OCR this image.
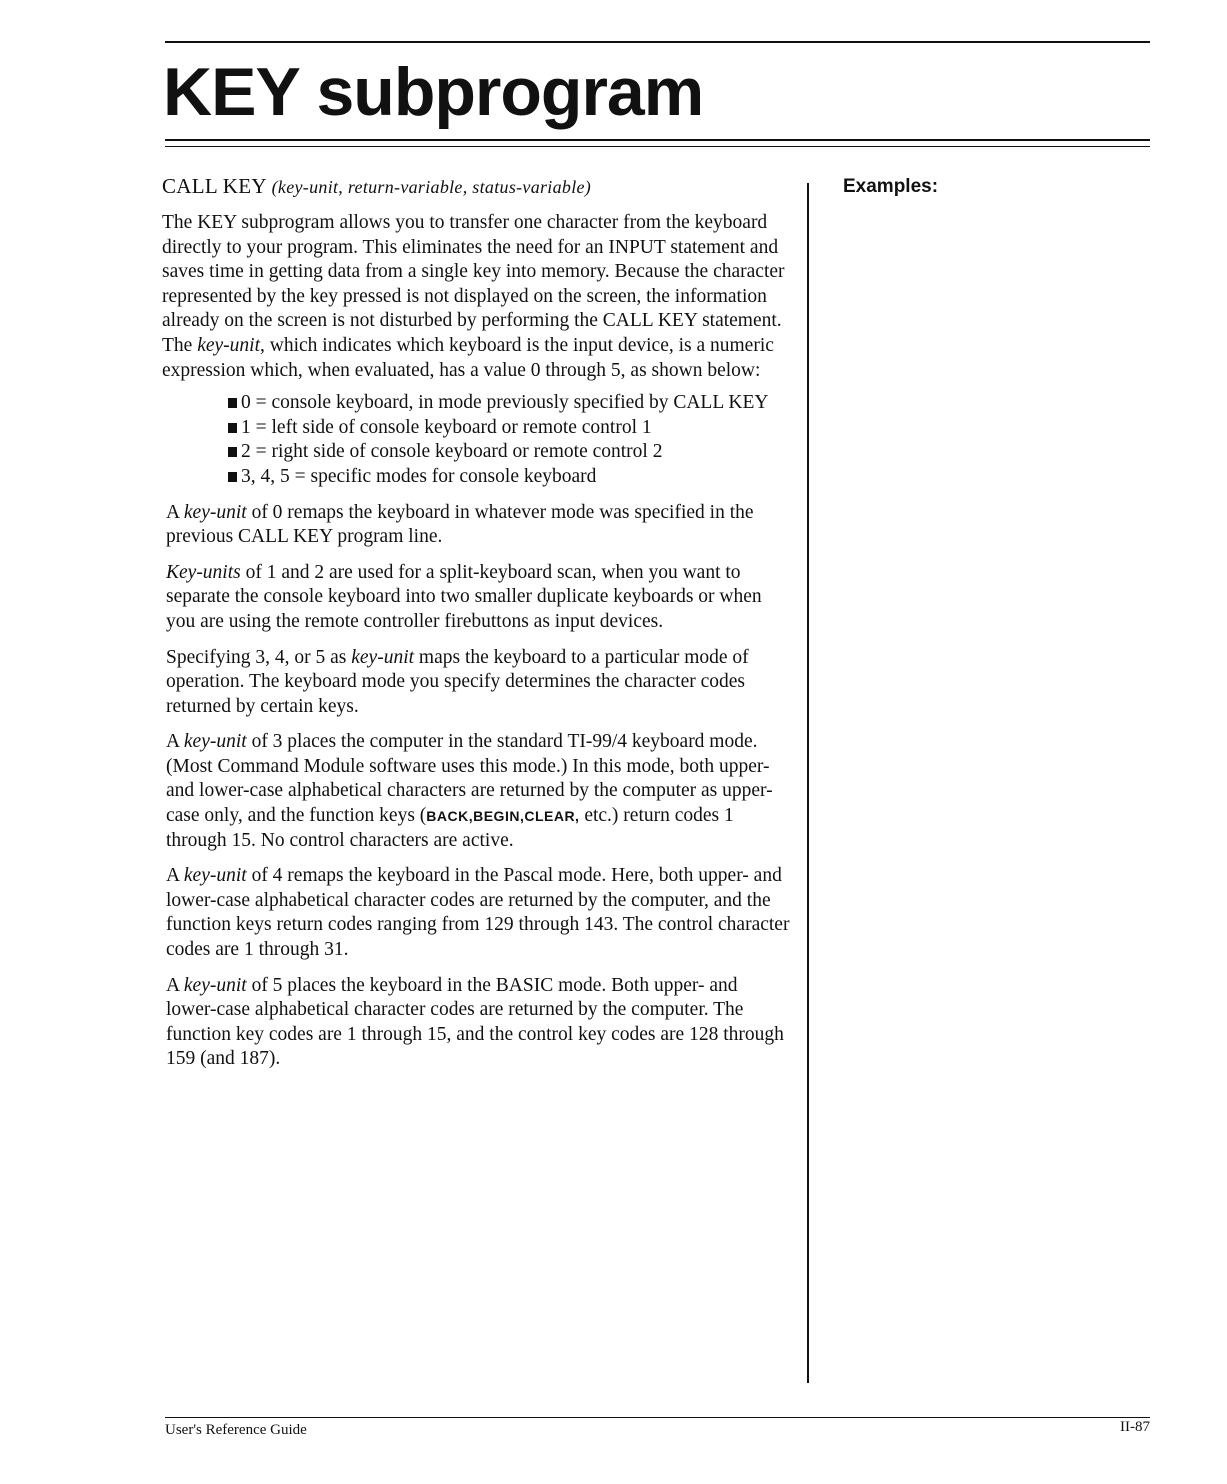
KEY subprogram
Examples:
CALL KEY (key-unit, return-variable, status-variable)

The KEY subprogram allows you to transfer one character from the keyboard directly to your program. This eliminates the need for an INPUT statement and saves time in getting data from a single key into memory. Because the character represented by the key pressed is not displayed on the screen, the information already on the screen is not disturbed by performing the CALL KEY statement. The key-unit, which indicates which keyboard is the input device, is a numeric expression which, when evaluated, has a value 0 through 5, as shown below:

0 = console keyboard, in mode previously specified by CALL KEY
1 = left side of console keyboard or remote control 1
2 = right side of console keyboard or remote control 2
3, 4, 5 = specific modes for console keyboard

A key-unit of 0 remaps the keyboard in whatever mode was specified in the previous CALL KEY program line.

Key-units of 1 and 2 are used for a split-keyboard scan, when you want to separate the console keyboard into two smaller duplicate keyboards or when you are using the remote controller firebuttons as input devices.

Specifying 3, 4, or 5 as key-unit maps the keyboard to a particular mode of operation. The keyboard mode you specify determines the character codes returned by certain keys.

A key-unit of 3 places the computer in the standard TI-99/4 keyboard mode. (Most Command Module software uses this mode.) In this mode, both upper- and lower-case alphabetical characters are returned by the computer as upper-case only, and the function keys (BACK,BEGIN,CLEAR, etc.) return codes 1 through 15. No control characters are active.

A key-unit of 4 remaps the keyboard in the Pascal mode. Here, both upper- and lower-case alphabetical character codes are returned by the computer, and the function keys return codes ranging from 129 through 143. The control character codes are 1 through 31.

A key-unit of 5 places the keyboard in the BASIC mode. Both upper- and lower-case alphabetical character codes are returned by the computer. The function key codes are 1 through 15, and the control key codes are 128 through 159 (and 187).

User's Reference Guide	II-87
